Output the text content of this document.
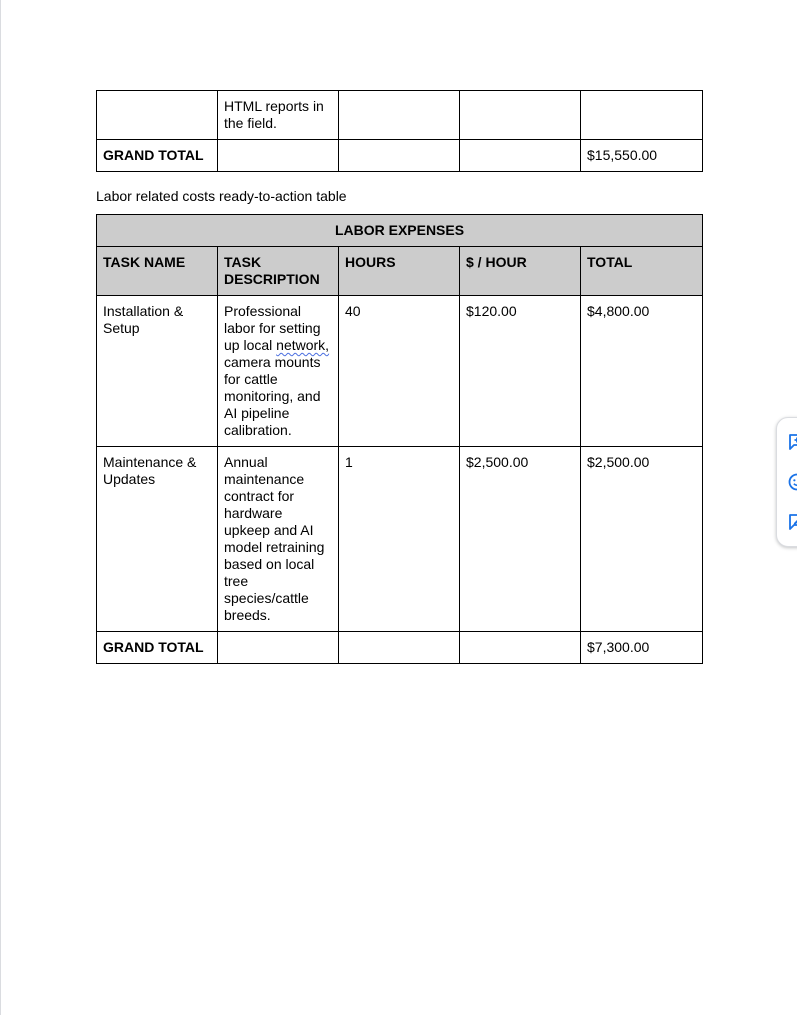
	HTML reports in the field.			
GRAND TOTAL				$15,550.00
Labor related costs ready-to-action table
LABOR EXPENSES				
TASK NAME	TASK DESCRIPTION	HOURS	$ / HOUR	TOTAL
Installation & Setup	Professional labor for setting up local network, camera mounts for cattle monitoring, and AI pipeline calibration.	40	$120.00	$4,800.00
Maintenance & Updates	Annual maintenance contract for hardware upkeep and AI model retraining based on local tree species/cattle breeds.	1	$2,500.00	$2,500.00
GRAND TOTAL				$7,300.00
